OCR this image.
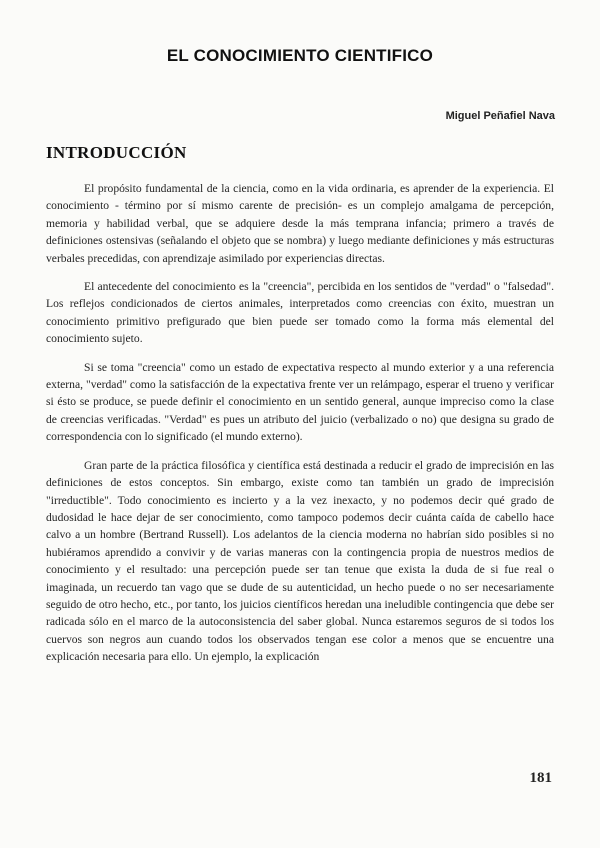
EL CONOCIMIENTO CIENTIFICO
Miguel Peñafiel Nava
INTRODUCCIÓN

El propósito fundamental de la ciencia, como en la vida ordinaria, es aprender de la experiencia. El conocimiento - término por sí mismo carente de precisión- es un complejo amalgama de percepción, memoria y habilidad verbal, que se adquiere desde la más temprana infancia; primero a través de definiciones ostensivas (señalando el objeto que se nombra) y luego mediante definiciones y más estructuras verbales precedidas, con aprendizaje asimilado por experiencias directas.

El antecedente del conocimiento es la "creencia", percibida en los sentidos de "verdad" o "falsedad". Los reflejos condicionados de ciertos animales, interpretados como creencias con éxito, muestran un conocimiento primitivo prefigurado que bien puede ser tomado como la forma más elemental del conocimiento sujeto.

Si se toma "creencia" como un estado de expectativa respecto al mundo exterior y a una referencia externa, "verdad" como la satisfacción de la expectativa frente ver un relámpago, esperar el trueno y verificar si ésto se produce, se puede definir el conocimiento en un sentido general, aunque impreciso como la clase de creencias verificadas. "Verdad" es pues un atributo del juicio (verbalizado o no) que designa su grado de correspondencia con lo significado (el mundo externo).

Gran parte de la práctica filosófica y científica está destinada a reducir el grado de imprecisión en las definiciones de estos conceptos. Sin embargo, existe como tan también un grado de imprecisión "irreductible". Todo conocimiento es incierto y a la vez inexacto, y no podemos decir qué grado de dudosidad le hace dejar de ser conocimiento, como tampoco podemos decir cuánta caída de cabello hace calvo a un hombre (Bertrand Russell). Los adelantos de la ciencia moderna no habrían sido posibles si no hubiéramos aprendido a convivir y de varias maneras con la contingencia propia de nuestros medios de conocimiento y el resultado: una percepción puede ser tan tenue que exista la duda de si fue real o imaginada, un recuerdo tan vago que se dude de su autenticidad, un hecho puede o no ser necesariamente seguido de otro hecho, etc., por tanto, los juicios científicos heredan una ineludible contingencia que debe ser radicada sólo en el marco de la autoconsistencia del saber global. Nunca estaremos seguros de si todos los cuervos son negros aun cuando todos los observados tengan ese color a menos que se encuentre una explicación necesaria para ello. Un ejemplo, la explicación

181
